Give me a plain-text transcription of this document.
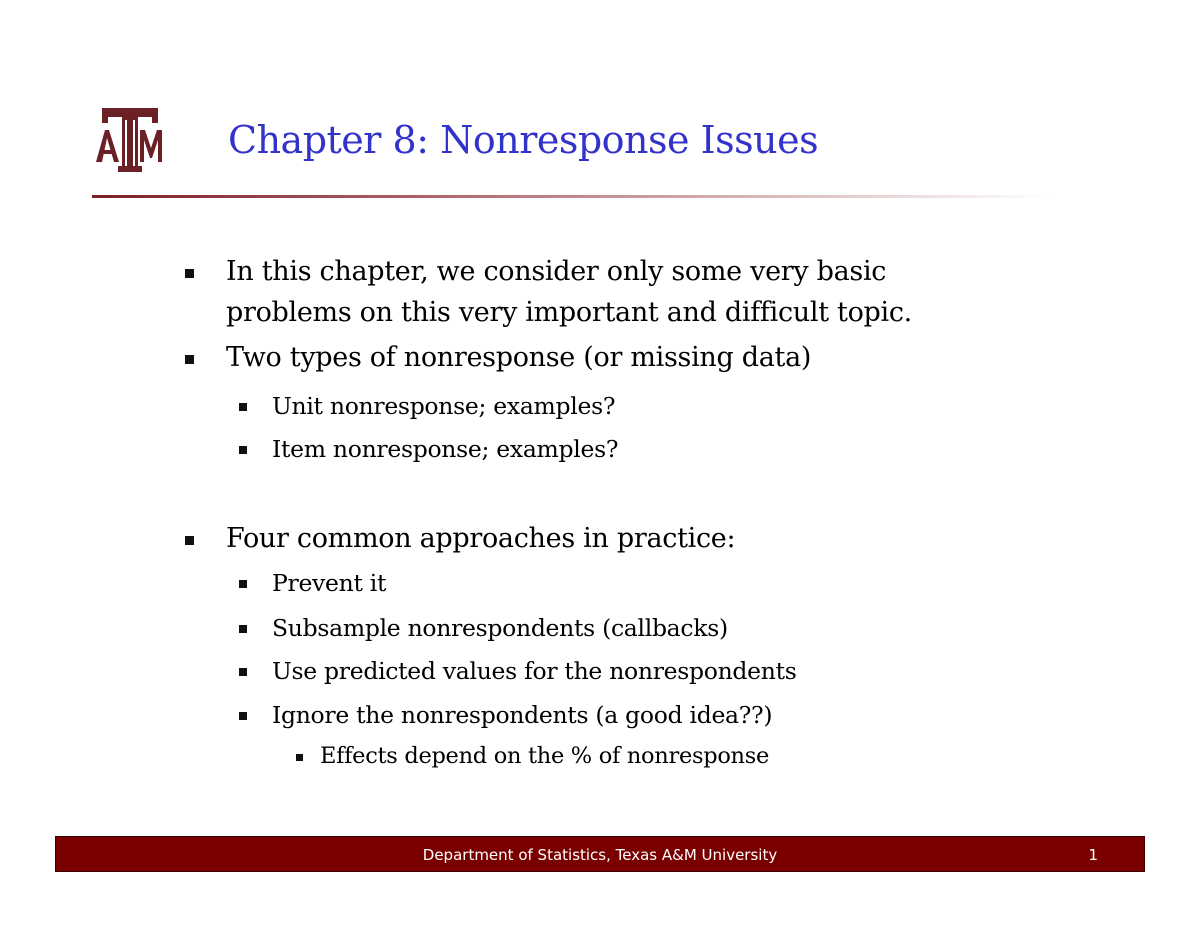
Chapter 8: Nonresponse Issues
In this chapter, we consider only some very basic
problems on this very important and difficult topic.
Two types of nonresponse (or missing data)
Unit nonresponse; examples?
Item nonresponse; examples?
Four common approaches in practice:
Prevent it
Subsample nonrespondents (callbacks)
Use predicted values for the nonrespondents
Ignore the nonrespondents (a good idea??)
Effects depend on the % of nonresponse
Department of Statistics, Texas A&M University	1
